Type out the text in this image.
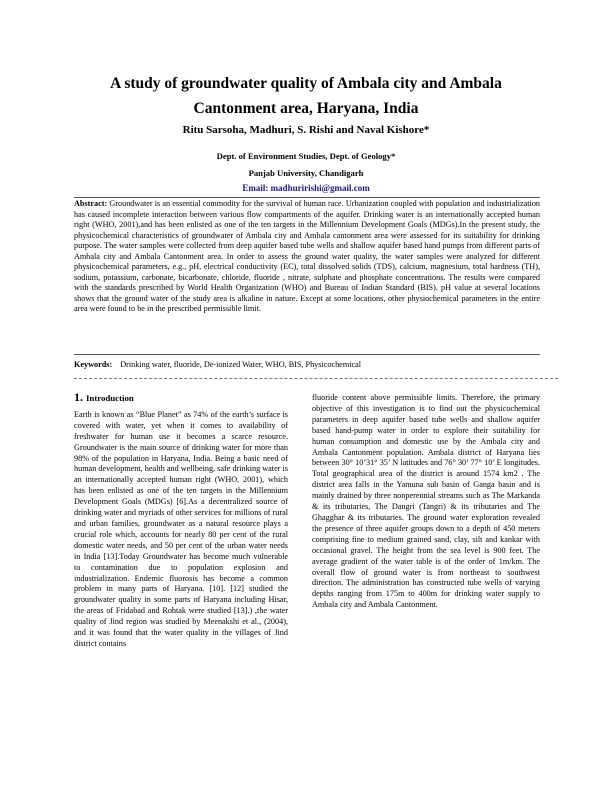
A study of groundwater quality of Ambala city and Ambala
Cantonment area, Haryana, India
Ritu Sarsoha, Madhuri, S. Rishi and Naval Kishore*
Dept. of Environment Studies, Dept. of Geology*
Panjab University, Chandigarh
Email: madhuririshi@gmail.com
Abstract: Groundwater is an essential commodity for the survival of human race. Urbanization coupled with population and industrialization has caused incomplete interaction between various flow compartments of the aquifer. Drinking water is an internationally accepted human right (WHO, 2001),and has been enlisted as one of the ten targets in the Millennium Development Goals (MDGs).In the present study, the physicochemical characteristics of groundwater of Ambala city and Ambala cantonment area were assessed for its suitability for drinking purpose. The water samples were collected from deep aquifer based tube wells and shallow aquifer based hand pumps from different parts of Ambala city and Ambala Cantonment area. In order to assess the ground water quality, the water samples were analyzed for different physicochemical parameters, e.g., pH, electrical conductivity (EC), total dissolved solids (TDS), calcium, magnesium, total hardness (TH), sodium, potassium, carbonate, bicarbonate, chloride, fluoride , nitrate, sulphate and phosphate concentrations. The results were compared with the standards prescribed by World Health Organization (WHO) and Bureau of Indian Standard (BIS). pH value at several locations shows that the ground water of the study area is alkaline in nature. Except at some locations, other physiochemical parameters in the entire area were found to be in the prescribed permissible limit.
Keywords: Drinking water, fluoride, De-ionized Water, WHO, BIS, Physicochemical
1. Introduction

Earth is known as “Blue Planet” as 74% of the earth’s surface is covered with water, yet when it comes to availability of freshwater for human use it becomes a scarce resource. Groundwater is the main source of drinking water for more than 98% of the population in Haryana, India. Being a basic need of human development, health and wellbeing, safe drinking water is an internationally accepted human right (WHO, 2001), which has been enlisted as one of the ten targets in the Millennium Development Goals (MDGs) [6].As a decentralized source of drinking water and myriads of other services for millions of rural and urban families, groundwater as a natural resource plays a crucial role which, accounts for nearly 80 per cent of the rural domestic water needs, and 50 per cent of the urban water needs in India [13].Today Groundwater has become much vulnerable to contamination due to population explosion and industrialization. Endemic fluorosis has become a common problem in many parts of Haryana. [10]. [12] studied the groundwater quality in some parts of Haryana including Hisar, the areas of Fridabad and Rohtak were studied [13].) ,the water quality of Jind region was studied by Meenakshi et al., (2004), and it was found that the water quality in the villages of Jind district contains

fluoride content above permissible limits. Therefore, the primary objective of this investigation is to find out the physicochemical parameters in deep aquifer based tube wells and shallow aquifer based hand-pump water in order to explore their suitability for human consumption and domestic use by the Ambala city and Ambala Cantonment population. Ambala district of Haryana lies between 30° 10’31° 35’ N latitudes and 76° 30’ 77° 10’ E longitudes. Total geographical area of the district is around 1574 km2 . The district area falls in the Yamuna sub basin of Ganga basin and is mainly drained by three nonperennial streams such as The Markanda & its tributaries, The Dangri (Tangri) & its tributaries and The Ghagghar & its tributaries. The ground water exploration revealed the presence of three aquifer groups down to a depth of 450 meters comprising fine to medium grained sand, clay, silt and kankar with occasional gravel. The height from the sea level is 900 feet. The average gradient of the water table is of the order of 1m/km. The overall flow of ground water is from northeast to southwest direction. The administration has constructed tube wells of varying depths ranging from 175m to 400m for drinking water supply to Ambala city and Ambala Cantonment.
